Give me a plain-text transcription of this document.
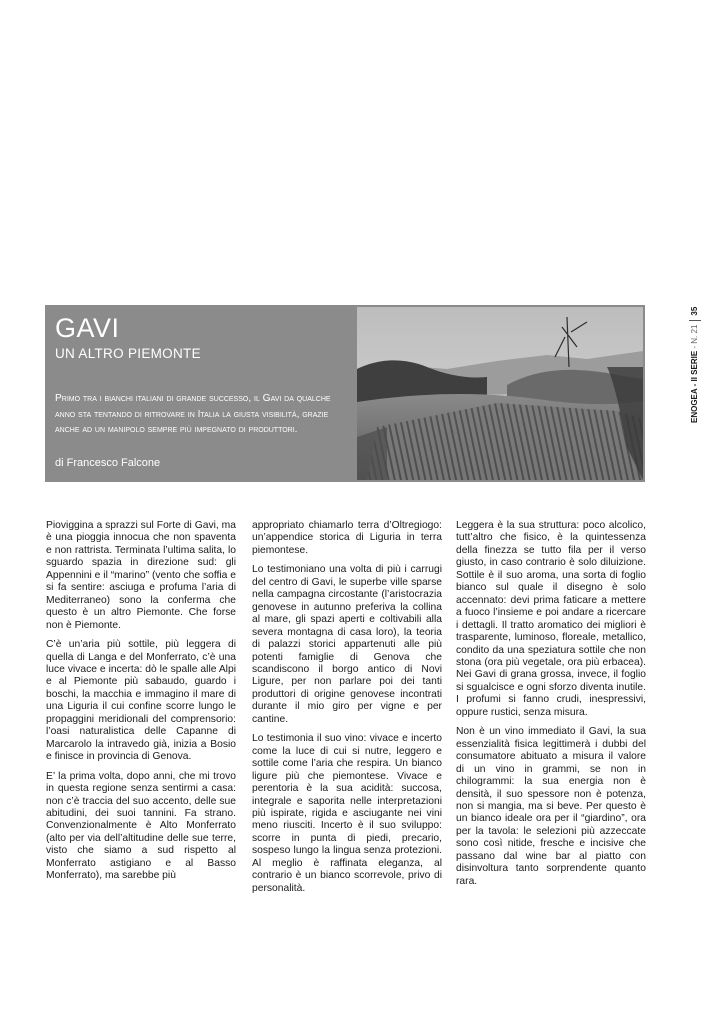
GAVI
UN ALTRO PIEMONTE

Primo tra i bianchi italiani di grande successo, il Gavi da qualche anno sta tentando di ritrovare in Italia la giusta visibilità, grazie anche ad un manipolo sempre più impegnato di produttori.

di Francesco Falcone

ENOGEA - II SERIE - N. 2135

Pioviggina a sprazzi sul Forte di Gavi, ma è una pioggia innocua che non spaventa e non rattrista. Terminata l’ultima salita, lo sguardo spazia in direzione sud: gli Appennini e il “marino” (vento che soffia e si fa sentire: asciuga e profuma l’aria di Mediterraneo) sono la conferma che questo è un altro Piemonte. Che forse non è Piemonte.

C’è un’aria più sottile, più leggera di quella di Langa e del Monferrato, c’è una luce vivace e incerta: dò le spalle alle Alpi e al Piemonte più sabaudo, guardo i boschi, la macchia e immagino il mare di una Liguria il cui confine scorre lungo le propaggini meridionali del comprensorio: l’oasi naturalistica delle Capanne di Marcarolo la intravedo già, inizia a Bosio e finisce in provincia di Genova.

E’ la prima volta, dopo anni, che mi trovo in questa regione senza sentirmi a casa: non c’è traccia del suo accento, delle sue abitudini, dei suoi tannini. Fa strano. Convenzionalmente è Alto Monferrato (alto per via dell’altitudine delle sue terre, visto che siamo a sud rispetto al Monferrato astigiano e al Basso Monferrato), ma sarebbe più

appropriato chiamarlo terra d’Oltregiogo: un’appendice storica di Liguria in terra piemontese.

Lo testimoniano una volta di più i carrugi del centro di Gavi, le superbe ville sparse nella campagna circostante (l’aristocrazia genovese in autunno preferiva la collina al mare, gli spazi aperti e coltivabili alla severa montagna di casa loro), la teoria di palazzi storici appartenuti alle più potenti famiglie di Genova che scandiscono il borgo antico di Novi Ligure, per non parlare poi dei tanti produttori di origine genovese incontrati durante il mio giro per vigne e per cantine.

Lo testimonia il suo vino: vivace e incerto come la luce di cui si nutre, leggero e sottile come l’aria che respira. Un bianco ligure più che piemontese. Vivace e perentoria è la sua acidità: succosa, integrale e saporita nelle interpretazioni più ispirate, rigida e asciugante nei vini meno riusciti. Incerto è il suo sviluppo: scorre in punta di piedi, precario, sospeso lungo la lingua senza protezioni. Al meglio è raffinata eleganza, al contrario è un bianco scorrevole, privo di personalità.

Leggera è la sua struttura: poco alcolico, tutt’altro che fisico, è la quintessenza della finezza se tutto fila per il verso giusto, in caso contrario è solo diluizione. Sottile è il suo aroma, una sorta di foglio bianco sul quale il disegno è solo accennato: devi prima faticare a mettere a fuoco l’insieme e poi andare a ricercare i dettagli. Il tratto aromatico dei migliori è trasparente, luminoso, floreale, metallico, condito da una speziatura sottile che non stona (ora più vegetale, ora più erbacea). Nei Gavi di grana grossa, invece, il foglio si sgualcisce e ogni sforzo diventa inutile. I profumi si fanno crudi, inespressivi, oppure rustici, senza misura.

Non è un vino immediato il Gavi, la sua essenzialità fisica legittimerà i dubbi del consumatore abituato a misura il valore di un vino in grammi, se non in chilogrammi: la sua energia non è densità, il suo spessore non è potenza, non si mangia, ma si beve. Per questo è un bianco ideale ora per il “giardino”, ora per la tavola: le selezioni più azzeccate sono così nitide, fresche e incisive che passano dal wine bar al piatto con disinvoltura tanto sorprendente quanto rara.
